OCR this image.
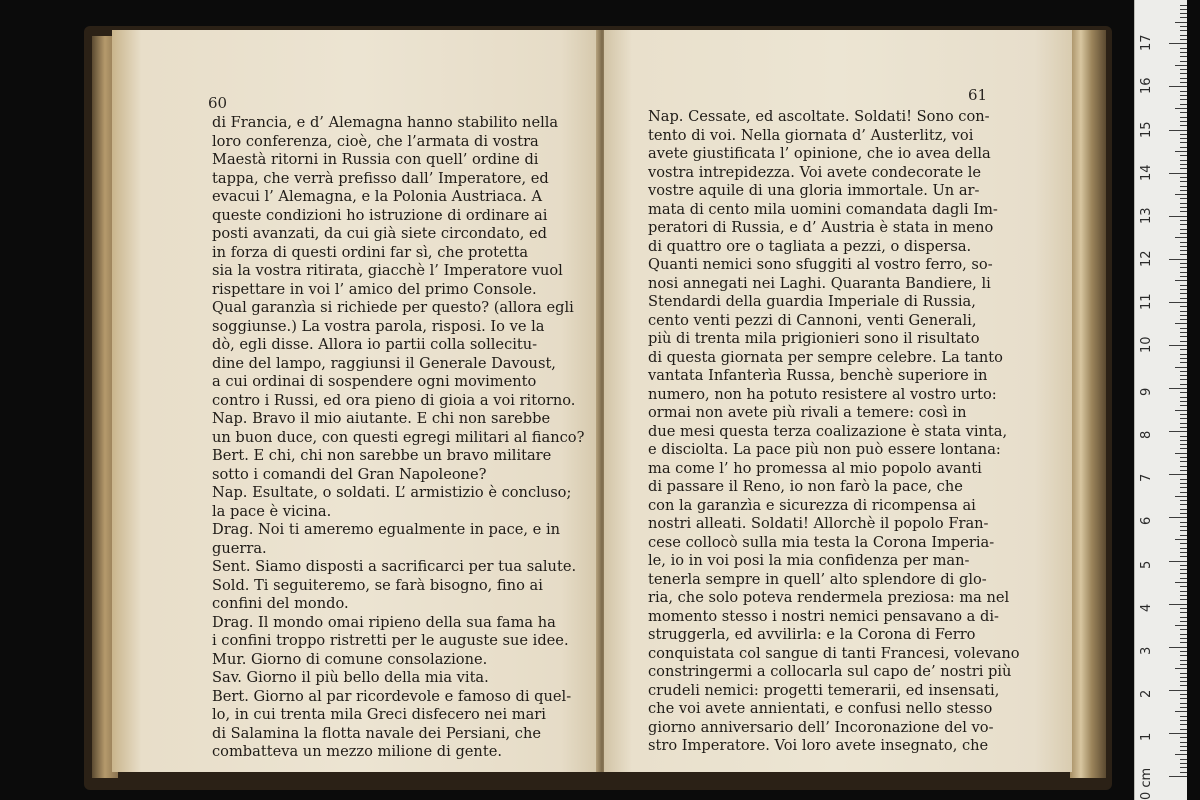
60
di Francia, e d’ Alemagna hanno stabilito nella
loro conferenza, cioè, che l’armata di vostra
Maestà ritorni in Russia con quell’ ordine di
tappa, che verrà prefisso dall’ Imperatore, ed
evacui l’ Alemagna, e la Polonia Austriaca. A
queste condizioni ho istruzione di ordinare ai
posti avanzati, da cui già siete circondato, ed
in forza di questi ordini far sì, che protetta
sia la vostra ritirata, giacchè l’ Imperatore vuol
rispettare in voi l’ amico del primo Console.
Qual garanzìa si richiede per questo? (allora egli
soggiunse.) La vostra parola, risposi. Io ve la
dò, egli disse. Allora io partii colla sollecitu-
dine del lampo, raggiunsi il Generale Davoust,
a cui ordinai di sospendere ogni movimento
contro i Russi, ed ora pieno di gioia a voi ritorno.
Nap. Bravo il mio aiutante. E chi non sarebbe
un buon duce, con questi egregi militari al fianco?
Bert. E chi, chi non sarebbe un bravo militare
sotto i comandi del Gran Napoleone?
Nap. Esultate, o soldati. L’ armistizio è concluso;
la pace è vicina.
Drag. Noi ti ameremo egualmente in pace, e in
guerra.
Sent. Siamo disposti a sacrificarci per tua salute.
Sold. Ti seguiteremo, se farà bisogno, fino ai
confini del mondo.
Drag. Il mondo omai ripieno della sua fama ha
i confini troppo ristretti per le auguste sue idee.
Mur. Giorno di comune consolazione.
Sav. Giorno il più bello della mia vita.
Bert. Giorno al par ricordevole e famoso di quel-
lo, in cui trenta mila Greci disfecero nei mari
di Salamina la flotta navale dei Persiani, che
combatteva un mezzo milione di gente.
61
Nap. Cessate, ed ascoltate. Soldati! Sono con-
tento di voi. Nella giornata d’ Austerlitz, voi
avete giustificata l’ opinione, che io avea della
vostra intrepidezza. Voi avete condecorate le
vostre aquile di una gloria immortale. Un ar-
mata di cento mila uomini comandata dagli Im-
peratori di Russia, e d’ Austria è stata in meno
di quattro ore o tagliata a pezzi, o dispersa.
Quanti nemici sono sfuggiti al vostro ferro, so-
nosi annegati nei Laghi. Quaranta Bandiere, li
Stendardi della guardia Imperiale di Russia,
cento venti pezzi di Cannoni, venti Generali,
più di trenta mila prigionieri sono il risultato
di questa giornata per sempre celebre. La tanto
vantata Infanterìa Russa, benchè superiore in
numero, non ha potuto resistere al vostro urto:
ormai non avete più rivali a temere: così in
due mesi questa terza coalizazione è stata vinta,
e disciolta. La pace più non può essere lontana:
ma come l’ ho promessa al mio popolo avanti
di passare il Reno, io non farò la pace, che
con la garanzìa e sicurezza di ricompensa ai
nostri alleati. Soldati! Allorchè il popolo Fran-
cese collocò sulla mia testa la Corona Imperia-
le, io in voi posi la mia confidenza per man-
tenerla sempre in quell’ alto splendore di glo-
ria, che solo poteva rendermela preziosa: ma nel
momento stesso i nostri nemici pensavano a di-
struggerla, ed avvilirla: e la Corona di Ferro
conquistata col sangue di tanti Francesi, volevano
constringermi a collocarla sul capo de’ nostri più
crudeli nemici: progetti temerarii, ed insensati,
che voi avete annientati, e confusi nello stesso
giorno anniversario dell’ Incoronazione del vo-
stro Imperatore. Voi loro avete insegnato, che
0 cm
1
2
3
4
5
6
7
8
9
10
11
12
13
14
15
16
17
